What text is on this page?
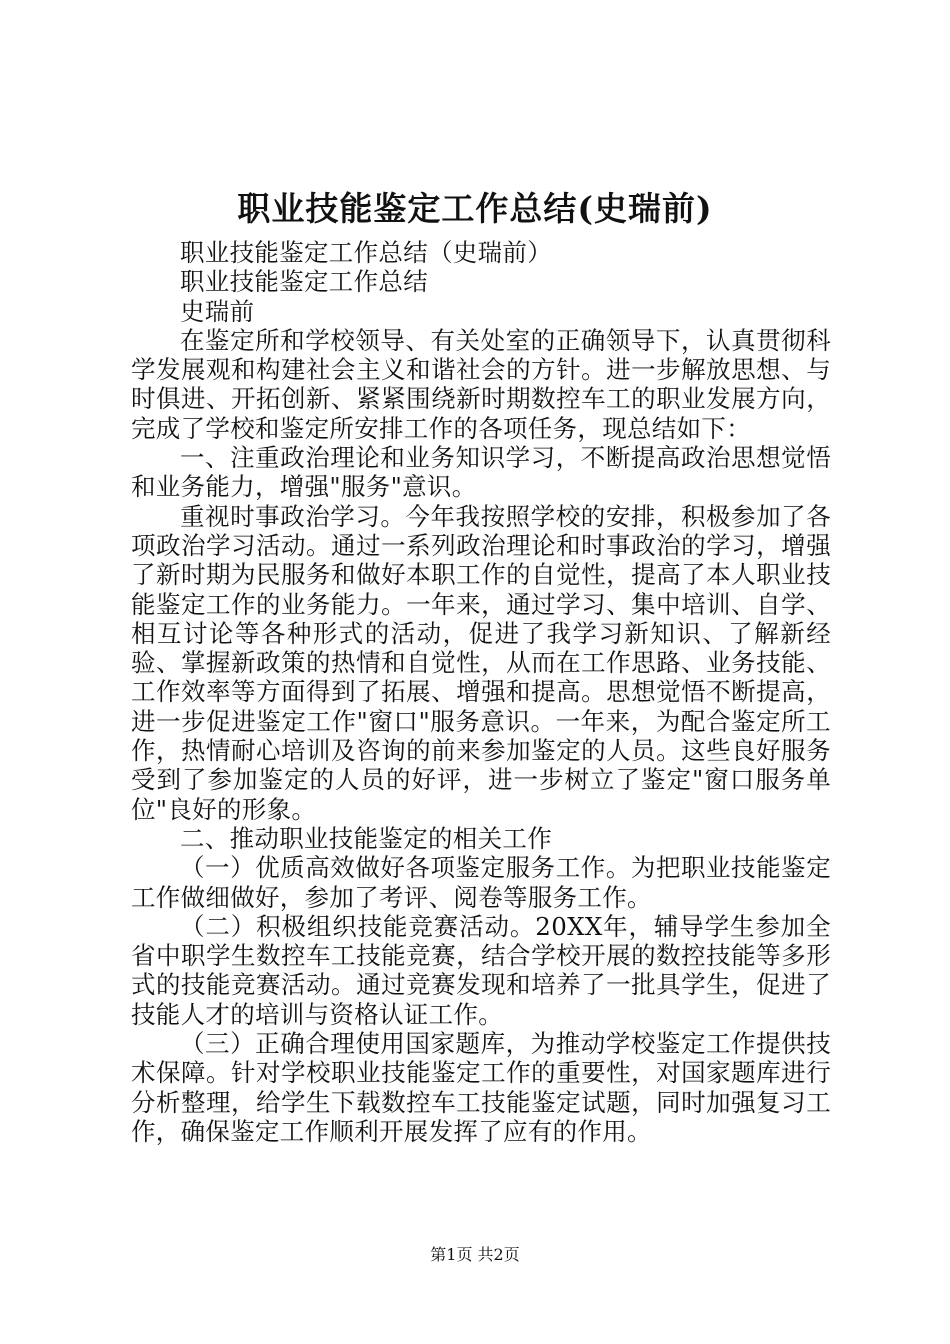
职业技能鉴定工作总结(史瑞前)

职业技能鉴定工作总结（史瑞前）

职业技能鉴定工作总结

史瑞前

在鉴定所和学校领导、有关处室的正确领导下，认真贯彻科学发展观和构建社会主义和谐社会的方针。进一步解放思想、与时俱进、开拓创新、紧紧围绕新时期数控车工的职业发展方向，完成了学校和鉴定所安排工作的各项任务，现总结如下：

一、注重政治理论和业务知识学习，不断提高政治思想觉悟和业务能力，增强"服务"意识。

重视时事政治学习。今年我按照学校的安排，积极参加了各项政治学习活动。通过一系列政治理论和时事政治的学习，增强了新时期为民服务和做好本职工作的自觉性，提高了本人职业技能鉴定工作的业务能力。一年来，通过学习、集中培训、自学、相互讨论等各种形式的活动，促进了我学习新知识、了解新经验、掌握新政策的热情和自觉性，从而在工作思路、业务技能、工作效率等方面得到了拓展、增强和提高。思想觉悟不断提高，进一步促进鉴定工作"窗口"服务意识。一年来，为配合鉴定所工作，热情耐心培训及咨询的前来参加鉴定的人员。这些良好服务受到了参加鉴定的人员的好评，进一步树立了鉴定"窗口服务单位"良好的形象。

二、推动职业技能鉴定的相关工作

（一）优质高效做好各项鉴定服务工作。为把职业技能鉴定工作做细做好，参加了考评、阅卷等服务工作。

（二）积极组织技能竞赛活动。20XX年，辅导学生参加全省中职学生数控车工技能竞赛，结合学校开展的数控技能等多形式的技能竞赛活动。通过竞赛发现和培养了一批具学生，促进了技能人才的培训与资格认证工作。

（三）正确合理使用国家题库，为推动学校鉴定工作提供技术保障。针对学校职业技能鉴定工作的重要性，对国家题库进行分析整理，给学生下载数控车工技能鉴定试题，同时加强复习工作，确保鉴定工作顺利开展发挥了应有的作用。

第1页 共2页
